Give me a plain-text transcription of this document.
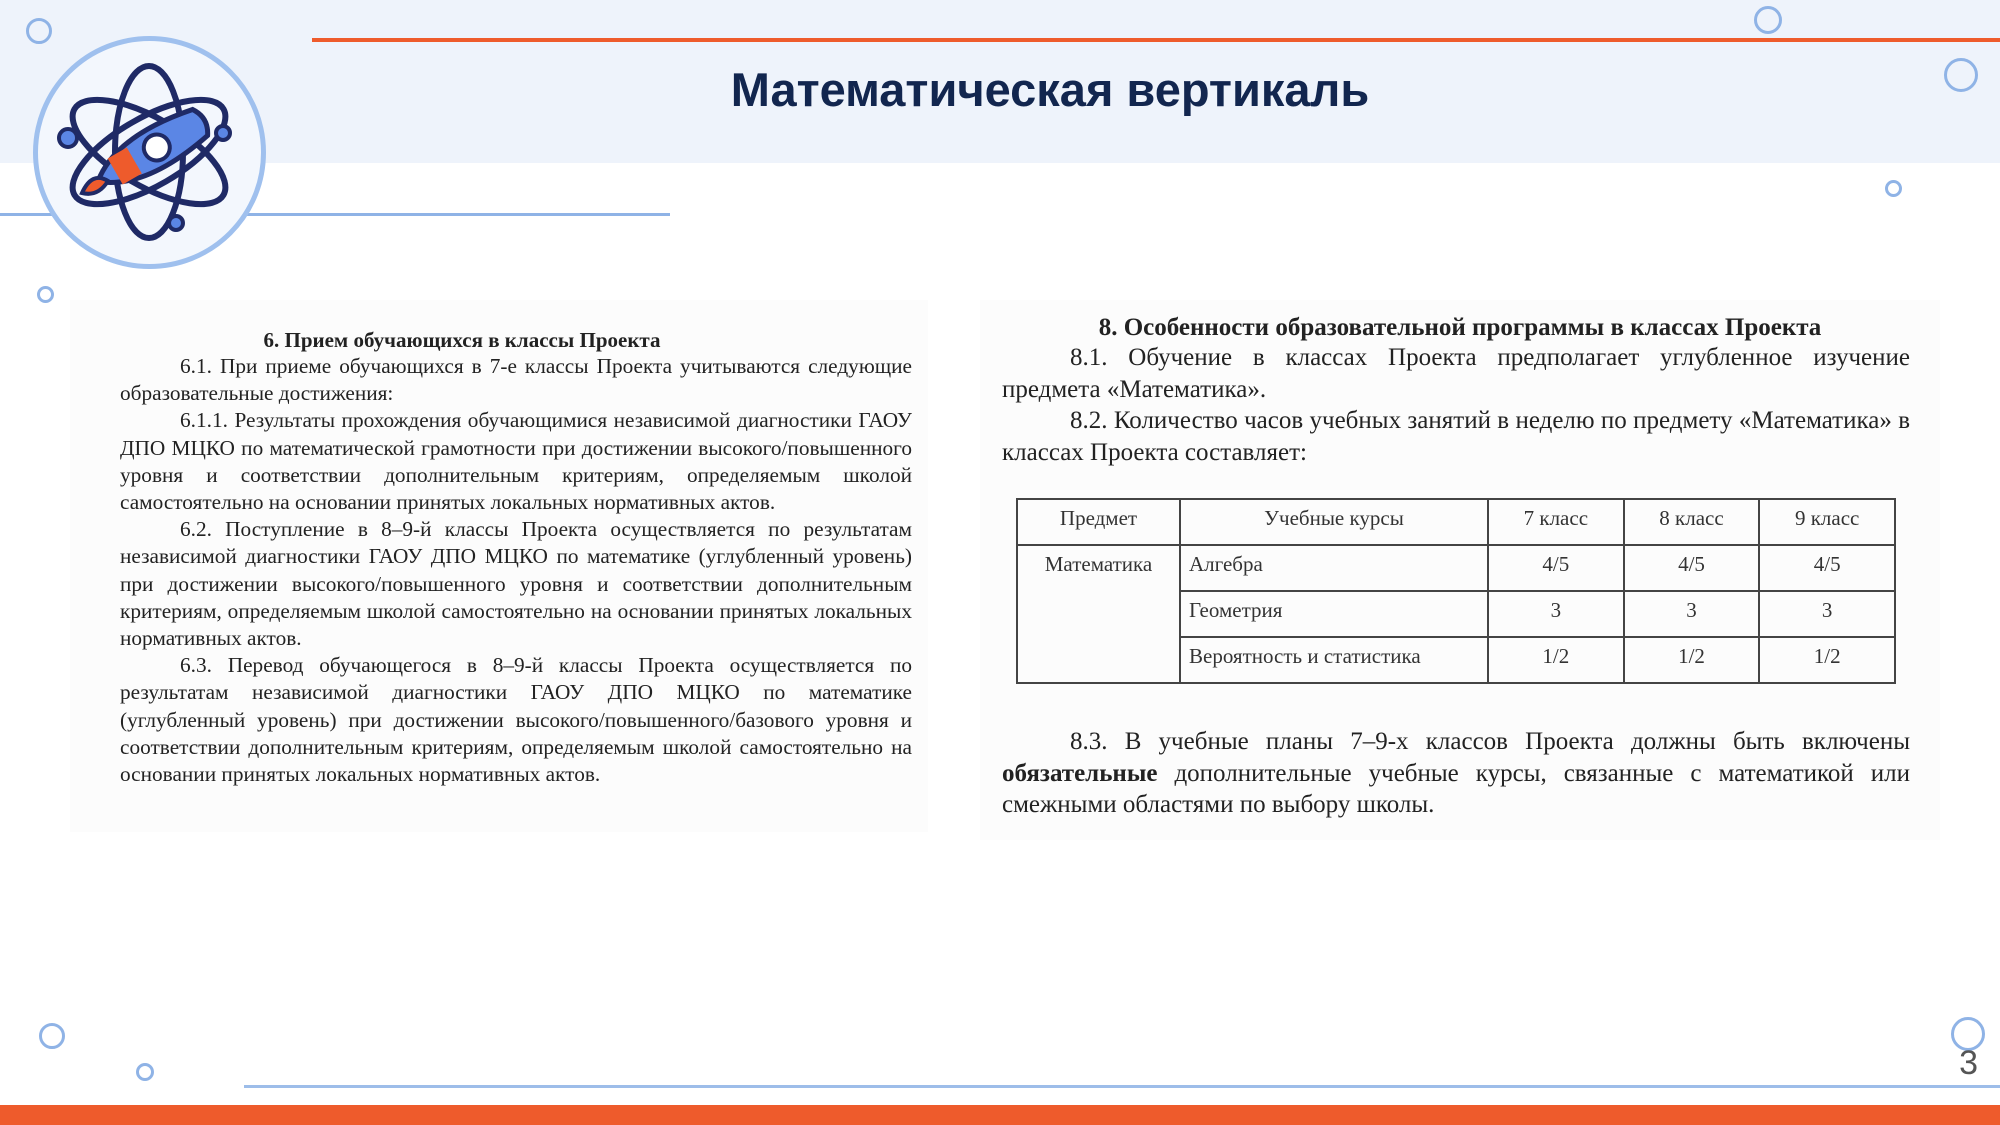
Математическая вертикаль

3

6. Прием обучающихся в классы Проекта

6.1. При приеме обучающихся в 7-е классы Проекта учитываются следующие образовательные достижения:

6.1.1. Результаты прохождения обучающимися независимой диагностики ГАОУ ДПО МЦКО по математической грамотности при достижении высокого/повышенного уровня и соответствии дополнительным критериям, определяемым школой самостоятельно на основании принятых локальных нормативных актов.

6.2. Поступление в 8–9-й классы Проекта осуществляется по результатам независимой диагностики ГАОУ ДПО МЦКО по математике (углубленный уровень) при достижении высокого/повышенного уровня и соответствии дополнительным критериям, определяемым школой самостоятельно на основании принятых локальных нормативных актов.

6.3. Перевод обучающегося в 8–9-й классы Проекта осуществляется по результатам независимой диагностики ГАОУ ДПО МЦКО по математике (углубленный уровень) при достижении высокого/повышенного/базового уровня и соответствии дополнительным критериям, определяемым школой самостоятельно на основании принятых локальных нормативных актов.

8. Особенности образовательной программы в классах Проекта

8.1. Обучение в классах Проекта предполагает углубленное изучение предмета «Математика».

8.2. Количество часов учебных занятий в неделю по предмету «Математика» в классах Проекта составляет:

Предмет	Учебные курсы	7 класс	8 класс	9 класс
Математика	Алгебра	4/5	4/5	4/5
	Геометрия	3	3	3
	Вероятность и статистика	1/2	1/2	1/2

8.3. В учебные планы 7–9-х классов Проекта должны быть включены обязательные дополнительные учебные курсы, связанные с математикой или смежными областями по выбору школы.
